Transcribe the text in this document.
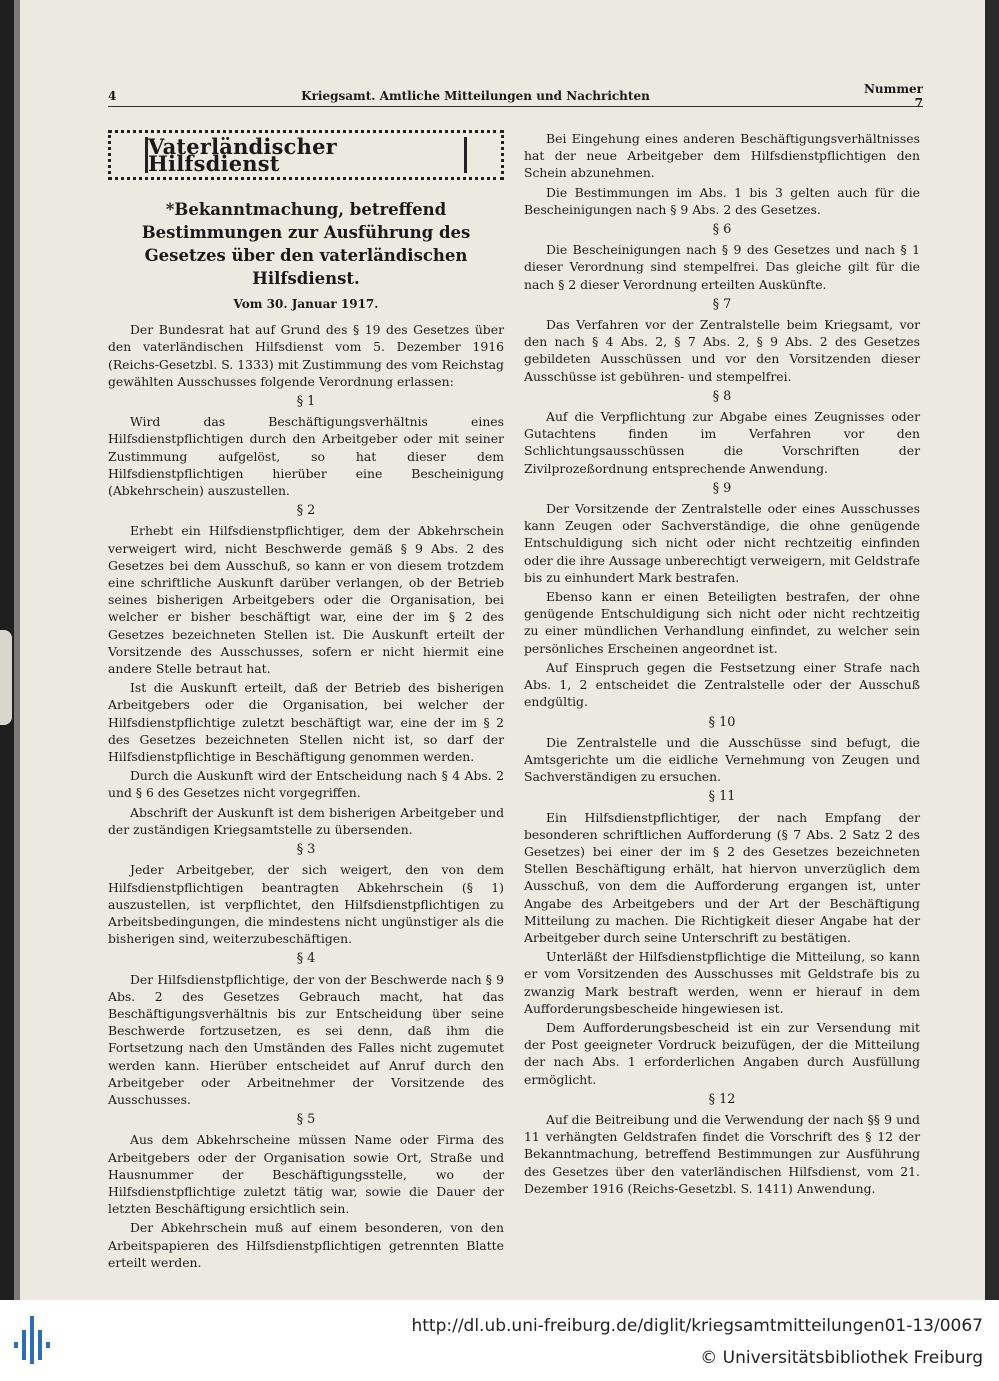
4	Kriegsamt. Amtliche Mitteilungen und Nachrichten	Nummer 7
Vaterländischer Hilfsdienst
*Bekanntmachung, betreffend Bestimmungen zur Ausführung des Gesetzes über den vaterländischen Hilfsdienst.
Vom 30. Januar 1917.

Der Bundesrat hat auf Grund des § 19 des Gesetzes über den vaterländischen Hilfsdienst vom 5. Dezember 1916 (Reichs-Gesetzbl. S. 1333) mit Zustimmung des vom Reichstag gewählten Ausschusses folgende Verordnung erlassen:

§ 1

Wird das Beschäftigungsverhältnis eines Hilfsdienstpflichtigen durch den Arbeitgeber oder mit seiner Zustimmung aufgelöst, so hat dieser dem Hilfsdienstpflichtigen hierüber eine Bescheinigung (Abkehrschein) auszustellen.

§ 2

Erhebt ein Hilfsdienstpflichtiger, dem der Abkehrschein verweigert wird, nicht Beschwerde gemäß § 9 Abs. 2 des Gesetzes bei dem Ausschuß, so kann er von diesem trotzdem eine schriftliche Auskunft darüber verlangen, ob der Betrieb seines bisherigen Arbeitgebers oder die Organisation, bei welcher er bisher beschäftigt war, eine der im § 2 des Gesetzes bezeichneten Stellen ist. Die Auskunft erteilt der Vorsitzende des Ausschusses, sofern er nicht hiermit eine andere Stelle betraut hat.

Ist die Auskunft erteilt, daß der Betrieb des bisherigen Arbeitgebers oder die Organisation, bei welcher der Hilfsdienstpflichtige zuletzt beschäftigt war, eine der im § 2 des Gesetzes bezeichneten Stellen nicht ist, so darf der Hilfsdienstpflichtige in Beschäftigung genommen werden.

Durch die Auskunft wird der Entscheidung nach § 4 Abs. 2 und § 6 des Gesetzes nicht vorgegriffen.

Abschrift der Auskunft ist dem bisherigen Arbeitgeber und der zuständigen Kriegsamtstelle zu übersenden.

§ 3

Jeder Arbeitgeber, der sich weigert, den von dem Hilfsdienstpflichtigen beantragten Abkehrschein (§ 1) auszustellen, ist verpflichtet, den Hilfsdienstpflichtigen zu Arbeitsbedingungen, die mindestens nicht ungünstiger als die bisherigen sind, weiterzubeschäftigen.

§ 4

Der Hilfsdienstpflichtige, der von der Beschwerde nach § 9 Abs. 2 des Gesetzes Gebrauch macht, hat das Beschäftigungsverhältnis bis zur Entscheidung über seine Beschwerde fortzusetzen, es sei denn, daß ihm die Fortsetzung nach den Umständen des Falles nicht zugemutet werden kann. Hierüber entscheidet auf Anruf durch den Arbeitgeber oder Arbeitnehmer der Vorsitzende des Ausschusses.

§ 5

Aus dem Abkehrscheine müssen Name oder Firma des Arbeitgebers oder der Organisation sowie Ort, Straße und Hausnummer der Beschäftigungsstelle, wo der Hilfsdienstpflichtige zuletzt tätig war, sowie die Dauer der letzten Beschäftigung ersichtlich sein.

Der Abkehrschein muß auf einem besonderen, von den Arbeitspapieren des Hilfsdienstpflichtigen getrennten Blatte erteilt werden.

Bei Eingehung eines anderen Beschäftigungsverhältnisses hat der neue Arbeitgeber dem Hilfsdienstpflichtigen den Schein abzunehmen.

Die Bestimmungen im Abs. 1 bis 3 gelten auch für die Bescheinigungen nach § 9 Abs. 2 des Gesetzes.

§ 6

Die Bescheinigungen nach § 9 des Gesetzes und nach § 1 dieser Verordnung sind stempelfrei. Das gleiche gilt für die nach § 2 dieser Verordnung erteilten Auskünfte.

§ 7

Das Verfahren vor der Zentralstelle beim Kriegsamt, vor den nach § 4 Abs. 2, § 7 Abs. 2, § 9 Abs. 2 des Gesetzes gebildeten Ausschüssen und vor den Vorsitzenden dieser Ausschüsse ist gebühren- und stempelfrei.

§ 8

Auf die Verpflichtung zur Abgabe eines Zeugnisses oder Gutachtens finden im Verfahren vor den Schlichtungsausschüssen die Vorschriften der Zivilprozeßordnung entsprechende Anwendung.

§ 9

Der Vorsitzende der Zentralstelle oder eines Ausschusses kann Zeugen oder Sachverständige, die ohne genügende Entschuldigung sich nicht oder nicht rechtzeitig einfinden oder die ihre Aussage unberechtigt verweigern, mit Geldstrafe bis zu einhundert Mark bestrafen.

Ebenso kann er einen Beteiligten bestrafen, der ohne genügende Entschuldigung sich nicht oder nicht rechtzeitig zu einer mündlichen Verhandlung einfindet, zu welcher sein persönliches Erscheinen angeordnet ist.

Auf Einspruch gegen die Festsetzung einer Strafe nach Abs. 1, 2 entscheidet die Zentralstelle oder der Ausschuß endgültig.

§ 10

Die Zentralstelle und die Ausschüsse sind befugt, die Amtsgerichte um die eidliche Vernehmung von Zeugen und Sachverständigen zu ersuchen.

§ 11

Ein Hilfsdienstpflichtiger, der nach Empfang der besonderen schriftlichen Aufforderung (§ 7 Abs. 2 Satz 2 des Gesetzes) bei einer der im § 2 des Gesetzes bezeichneten Stellen Beschäftigung erhält, hat hiervon unverzüglich dem Ausschuß, von dem die Aufforderung ergangen ist, unter Angabe des Arbeitgebers und der Art der Beschäftigung Mitteilung zu machen. Die Richtigkeit dieser Angabe hat der Arbeitgeber durch seine Unterschrift zu bestätigen.

Unterläßt der Hilfsdienstpflichtige die Mitteilung, so kann er vom Vorsitzenden des Ausschusses mit Geldstrafe bis zu zwanzig Mark bestraft werden, wenn er hierauf in dem Aufforderungsbescheide hingewiesen ist.

Dem Aufforderungsbescheid ist ein zur Versendung mit der Post geeigneter Vordruck beizufügen, der die Mitteilung der nach Abs. 1 erforderlichen Angaben durch Ausfüllung ermöglicht.

§ 12

Auf die Beitreibung und die Verwendung der nach §§ 9 und 11 verhängten Geldstrafen findet die Vorschrift des § 12 der Bekanntmachung, betreffend Bestimmungen zur Ausführung des Gesetzes über den vaterländischen Hilfsdienst, vom 21. Dezember 1916 (Reichs-Gesetzbl. S. 1411) Anwendung.

http://dl.ub.uni-freiburg.de/diglit/kriegsamtmitteilungen01-13/0067
© Universitätsbibliothek Freiburg
